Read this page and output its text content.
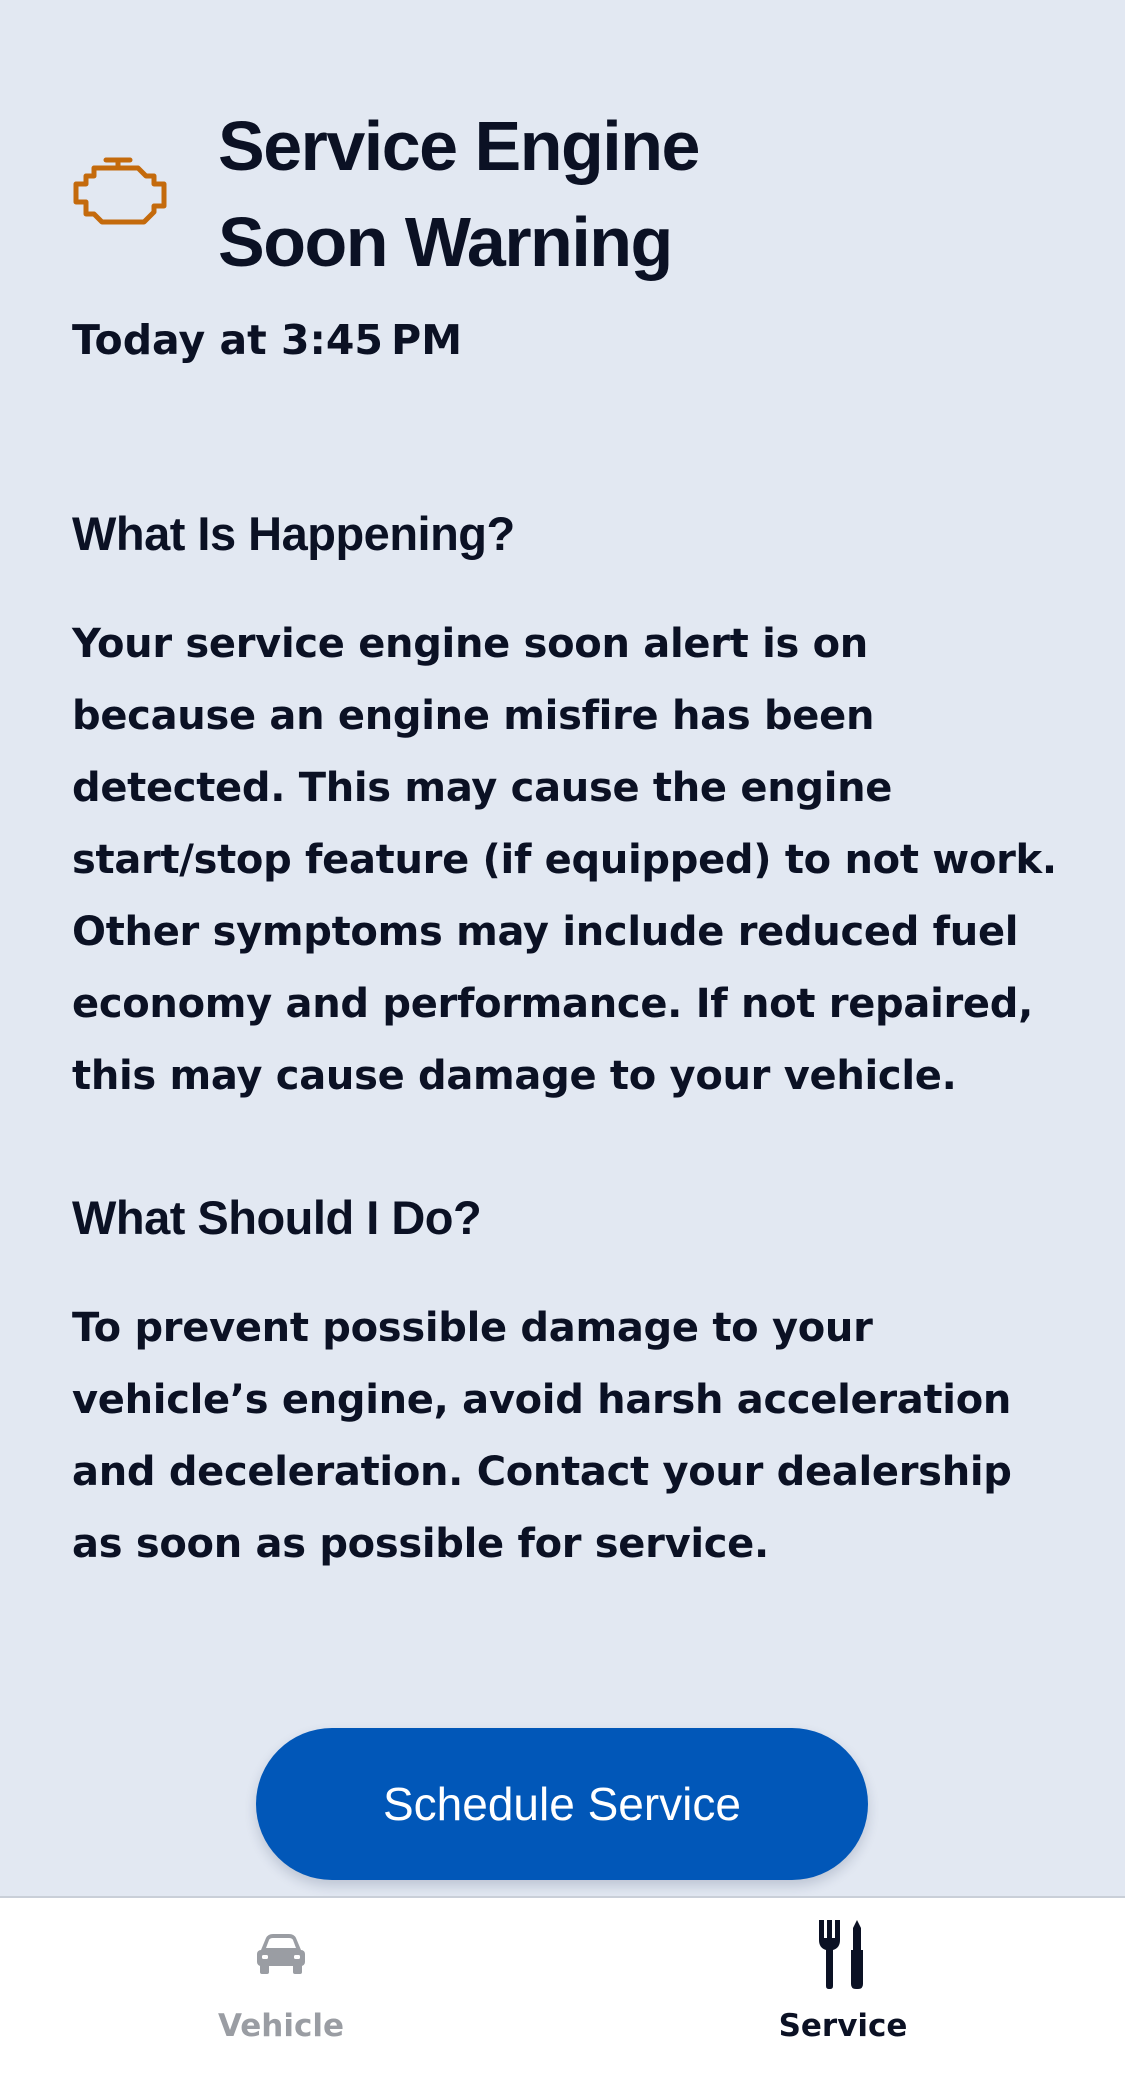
Service Engine Soon Warning
Today at 3:45 PM
What Is Happening?
Your service engine soon alert is on because an engine misfire has been detected. This may cause the engine start/stop feature (if equipped) to not work. Other symptoms may include reduced fuel economy and performance. If not repaired, this may cause damage to your vehicle.
What Should I Do?
To prevent possible damage to your vehicle’s engine, avoid harsh acceleration and deceleration. Contact your dealership as soon as possible for service.
Schedule Service
Vehicle	Service
